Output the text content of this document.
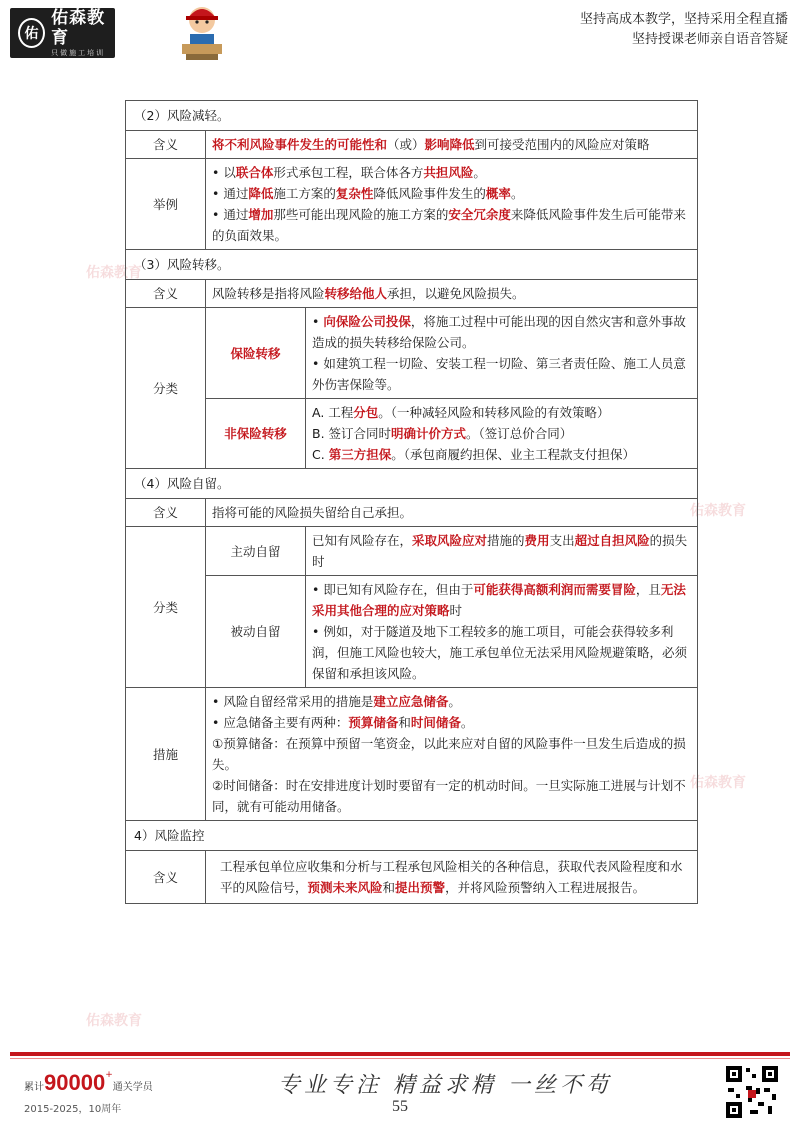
佑
佑森教育
只做施工培训
坚持高成本教学，坚持采用全程直播
坚持授课老师亲自语音答疑
佑森教育
佑森教育
佑森教育
佑森教育
（2）风险减轻。		
含义	将不利风险事件发生的可能性和（或）影响降低到可接受范围内的风险应对策略	
举例	• 以联合体形式承包工程，联合体各方共担风险。
• 通过降低施工方案的复杂性降低风险事件发生的概率。
• 通过增加那些可能出现风险的施工方案的安全冗余度来降低风险事件发生后可能带来的负面效果。	

（3）风险转移。		
含义	风险转移是指将风险转移给他人承担，以避免风险损失。	
分类	保险转移	• 向保险公司投保，将施工过程中可能出现的因自然灾害和意外事故造成的损失转移给保险公司。
• 如建筑工程一切险、安装工程一切险、第三者责任险、施工人员意外伤害保险等。

	非保险转移	A. 工程分包。（一种减轻风险和转移风险的有效策略）
B. 签订合同时明确计价方式。（签订总价合同）
C. 第三方担保。（承包商履约担保、业主工程款支付担保）

（4）风险自留。		
含义	指将可能的风险损失留给自己承担。	
分类	主动自留	已知有风险存在，采取风险应对措施的费用支出超过自担风险的损失时
	被动自留	• 即已知有风险存在，但由于可能获得高额利润而需要冒险，且无法采用其他合理的应对策略时
• 例如，对于隧道及地下工程较多的施工项目，可能会获得较多利润，但施工风险也较大，施工承包单位无法采用风险规避策略，必须保留和承担该风险。

措施	• 风险自留经常采用的措施是建立应急储备。
• 应急储备主要有两种：预算储备和时间储备。
①预算储备：在预算中预留一笔资金，以此来应对自留的风险事件一旦发生后造成的损失。
②时间储备：时在安排进度计划时要留有一定的机动时间。一旦实际施工进展与计划不同，就有可能动用储备。	

4）风险监控		
含义	工程承包单位应收集和分析与工程承包风险相关的各种信息，获取代表风险程度和水平的风险信号，预测未来风险和提出预警，并将风险预警纳入工程进展报告。	
累计90000+通关学员
2015-2025，10周年
专业专注 精益求精 一丝不苟
55
